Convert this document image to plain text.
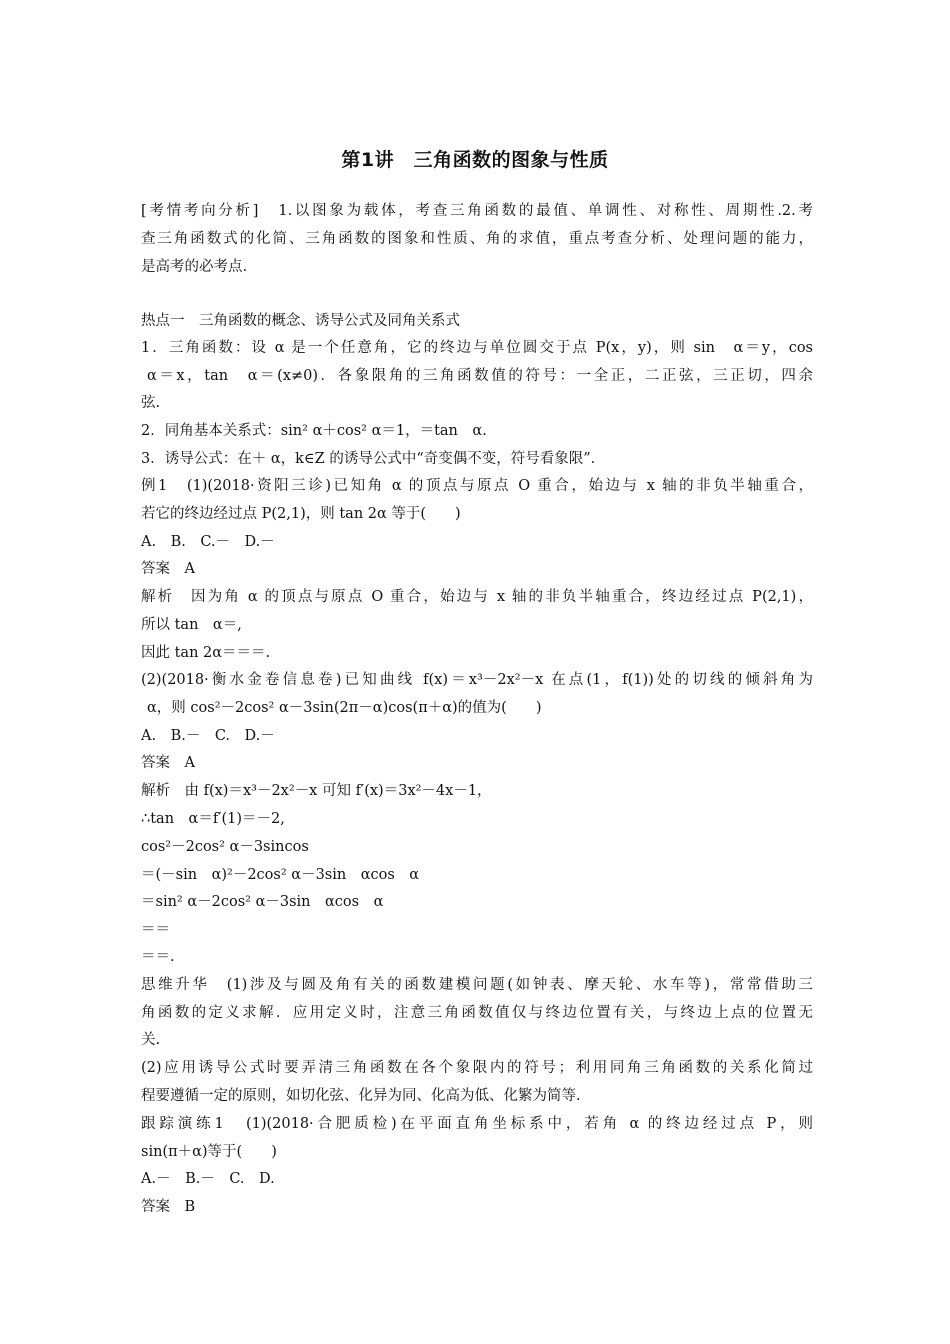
第1讲　三角函数的图象与性质
[考情考向分析]　1.以图象为载体，考查三角函数的最值、单调性、对称性、周期性.2.考
查三角函数式的化简、三角函数的图象和性质、角的求值，重点考查分析、处理问题的能力，
是高考的必考点.
热点一　三角函数的概念、诱导公式及同角关系式
1．三角函数：设 α 是一个任意角，它的终边与单位圆交于点 P(x，y)，则 sin　α＝y，cos
α＝x，tan　α＝(x≠0)．各象限角的三角函数值的符号：一全正，二正弦，三正切，四余
弦.
2．同角基本关系式：sin² α＋cos² α＝1，＝tan　α.
3．诱导公式：在＋ α，k∈Z 的诱导公式中“奇变偶不变，符号看象限”．
例1　(1)(2018·资阳三诊)已知角 α 的顶点与原点 O 重合，始边与 x 轴的非负半轴重合，
若它的终边经过点 P(2,1)，则 tan 2α 等于(　　)
A.　B.　C.－　D.－
答案　A
解析　因为角 α 的顶点与原点 O 重合，始边与 x 轴的非负半轴重合，终边经过点 P(2,1)，
所以 tan　α＝,
因此 tan 2α＝＝＝.
(2)(2018·衡水金卷信息卷)已知曲线 f(x)＝x³－2x²－x 在点(1，f(1))处的切线的倾斜角为
α，则 cos²－2cos² α－3sin(2π－α)cos(π＋α)的值为(　　)
A.　B.－　C.　D.－
答案　A
解析　由 f(x)＝x³－2x²－x 可知 f′(x)＝3x²－4x－1，
∴tan　α＝f′(1)＝－2,
cos²－2cos² α－3sincos
＝(－sin　α)²－2cos² α－3sin　αcos　α
＝sin² α－2cos² α－3sin　αcos　α
＝＝
＝＝.
思维升华　(1)涉及与圆及角有关的函数建模问题(如钟表、摩天轮、水车等)，常常借助三
角函数的定义求解．应用定义时，注意三角函数值仅与终边位置有关，与终边上点的位置无
关.
(2)应用诱导公式时要弄清三角函数在各个象限内的符号；利用同角三角函数的关系化简过
程要遵循一定的原则，如切化弦、化异为同、化高为低、化繁为简等.
跟踪演练1　(1)(2018·合肥质检)在平面直角坐标系中，若角 α 的终边经过点 P，则
sin(π＋α)等于(　　)
A.－　B.－　C.　D.
答案　B
